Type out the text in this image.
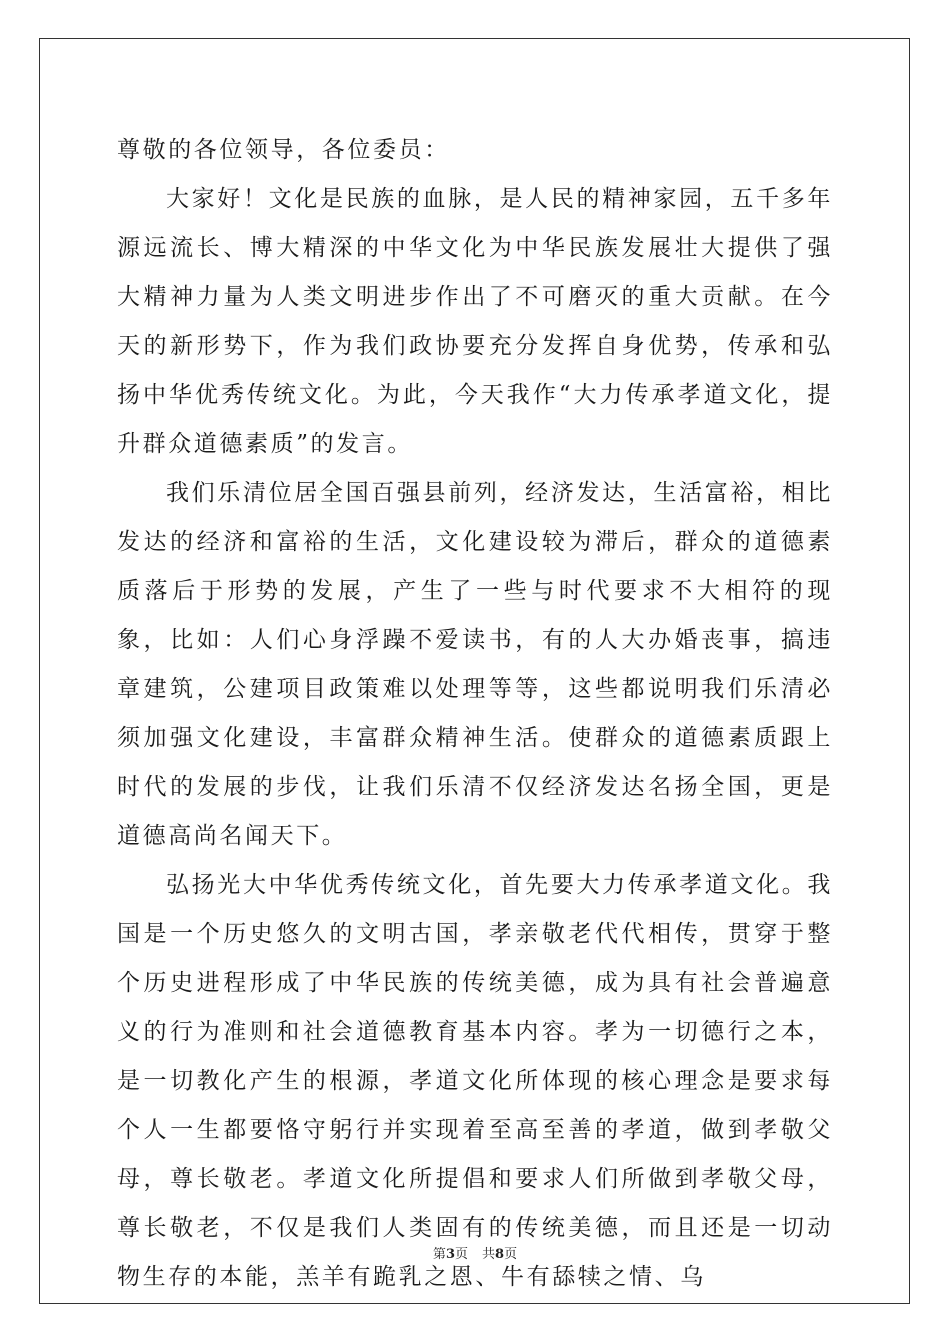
尊敬的各位领导，各位委员：

大家好！文化是民族的血脉，是人民的精神家园，五千多年源远流长、博大精深的中华文化为中华民族发展壮大提供了强大精神力量为人类文明进步作出了不可磨灭的重大贡献。在今天的新形势下，作为我们政协要充分发挥自身优势，传承和弘扬中华优秀传统文化。为此，今天我作“大力传承孝道文化，提升群众道德素质”的发言。

我们乐清位居全国百强县前列，经济发达，生活富裕，相比发达的经济和富裕的生活，文化建设较为滞后，群众的道德素质落后于形势的发展，产生了一些与时代要求不大相符的现象，比如：人们心身浮躁不爱读书，有的人大办婚丧事，搞违章建筑，公建项目政策难以处理等等，这些都说明我们乐清必须加强文化建设，丰富群众精神生活。使群众的道德素质跟上时代的发展的步伐，让我们乐清不仅经济发达名扬全国，更是道德高尚名闻天下。

弘扬光大中华优秀传统文化，首先要大力传承孝道文化。我国是一个历史悠久的文明古国，孝亲敬老代代相传，贯穿于整个历史进程形成了中华民族的传统美德，成为具有社会普遍意义的行为准则和社会道德教育基本内容。孝为一切德行之本，是一切教化产生的根源，孝道文化所体现的核心理念是要求每个人一生都要恪守躬行并实现着至高至善的孝道，做到孝敬父母，尊长敬老。孝道文化所提倡和要求人们所做到孝敬父母，尊长敬老，不仅是我们人类固有的传统美德，而且还是一切动物生存的本能，羔羊有跪乳之恩、牛有舔犊之情、乌

第3页 共8页
